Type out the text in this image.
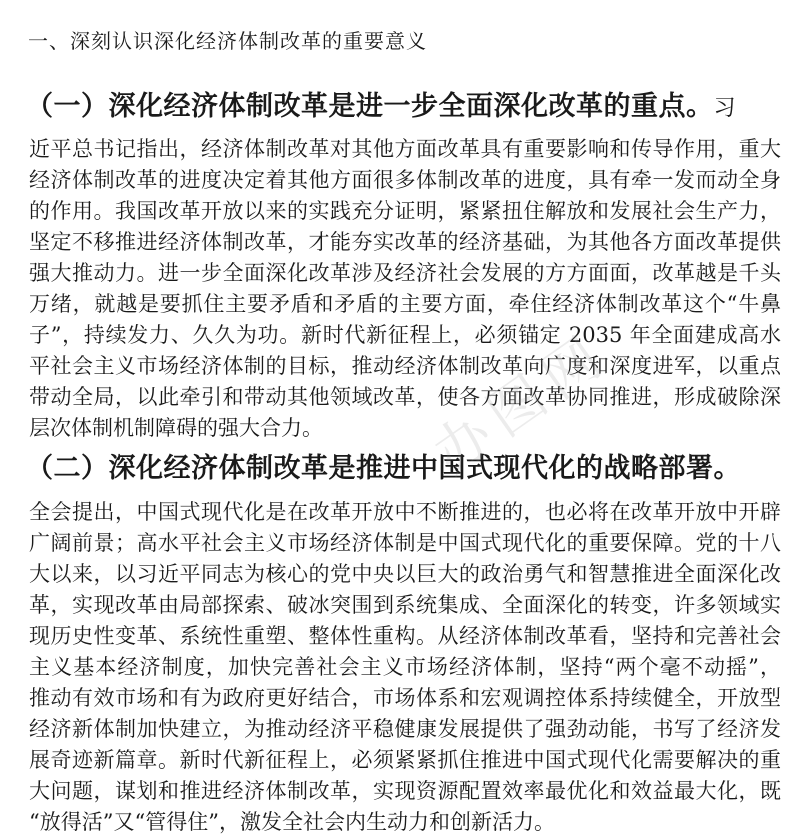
一、深刻认识深化经济体制改革的重要意义
（一）深化经济体制改革是进一步全面深化改革的重点。习
近平总书记指出，经济体制改革对其他方面改革具有重要影响和传导作用，重大
经济体制改革的进度决定着其他方面很多体制改革的进度，具有牵一发而动全身
的作用。我国改革开放以来的实践充分证明，紧紧扭住解放和发展社会生产力，
坚定不移推进经济体制改革，才能夯实改革的经济基础，为其他各方面改革提供
强大推动力。进一步全面深化改革涉及经济社会发展的方方面面，改革越是千头
万绪，就越是要抓住主要矛盾和矛盾的主要方面，牵住经济体制改革这个“牛鼻
子”，持续发力、久久为功。新时代新征程上，必须锚定 2035 年全面建成高水
平社会主义市场经济体制的目标，推动经济体制改革向广度和深度进军，以重点
带动全局，以此牵引和带动其他领域改革，使各方面改革协同推进，形成破除深
层次体制机制障碍的强大合力。
（二）深化经济体制改革是推进中国式现代化的战略部署。
全会提出，中国式现代化是在改革开放中不断推进的，也必将在改革开放中开辟
广阔前景；高水平社会主义市场经济体制是中国式现代化的重要保障。党的十八
大以来，以习近平同志为核心的党中央以巨大的政治勇气和智慧推进全面深化改
革，实现改革由局部探索、破冰突围到系统集成、全面深化的转变，许多领域实
现历史性变革、系统性重塑、整体性重构。从经济体制改革看，坚持和完善社会
主义基本经济制度，加快完善社会主义市场经济体制，坚持“两个毫不动摇”，
推动有效市场和有为政府更好结合，市场体系和宏观调控体系持续健全，开放型
经济新体制加快建立，为推动经济平稳健康发展提供了强劲动能，书写了经济发
展奇迹新篇章。新时代新征程上，必须紧紧抓住推进中国式现代化需要解决的重
大问题，谋划和推进经济体制改革，实现资源配置效率最优化和效益最大化，既
“放得活”又“管得住”，激发全社会内生动力和创新活力。
办图网
